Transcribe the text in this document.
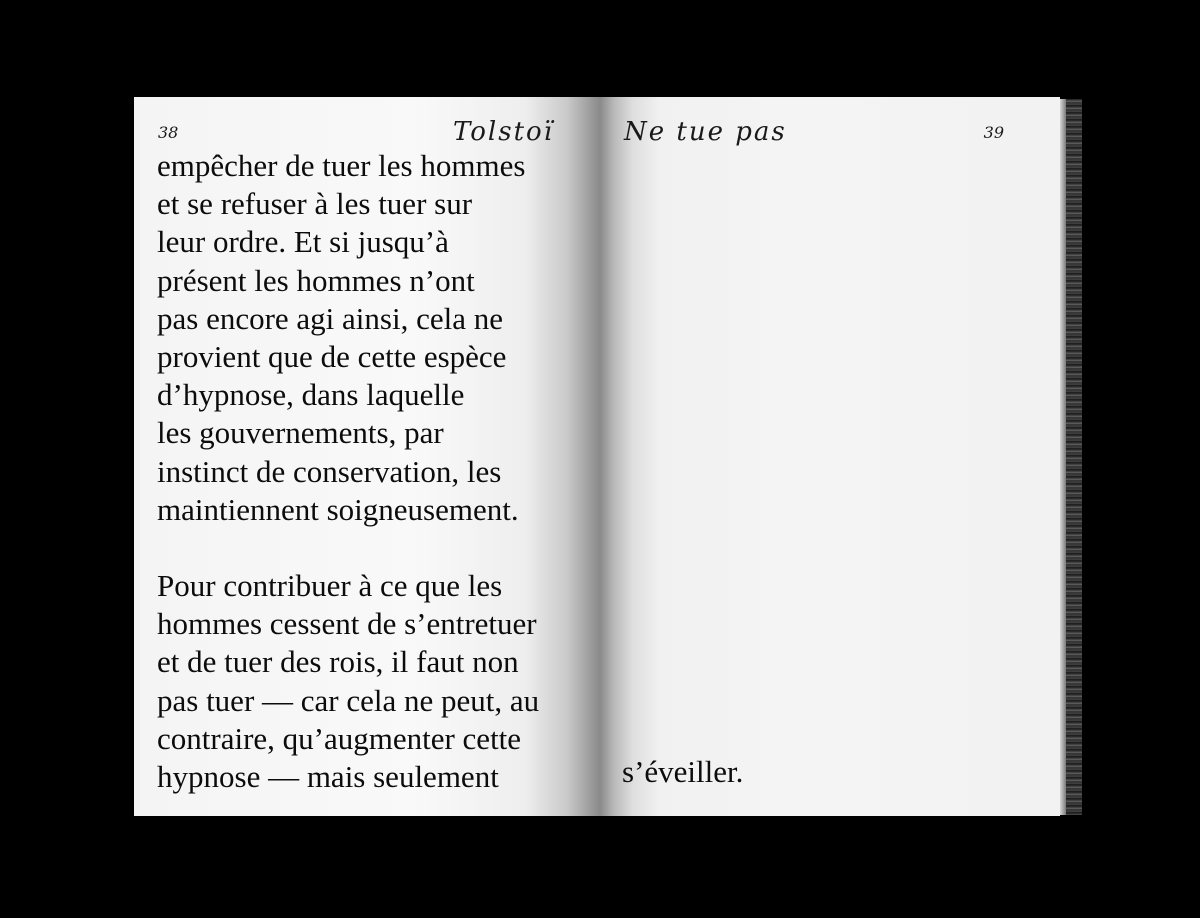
38	Tolstoï
empêcher de tuer les hommes
et se refuser à les tuer sur
leur ordre. Et si jusqu’à
présent les hommes n’ont
pas encore agi ainsi, cela ne
provient que de cette espèce
d’hypnose, dans laquelle
les gouvernements, par
instinct de conservation, les
maintiennent soigneusement.
Pour contribuer à ce que les
hommes cessent de s’entretuer
et de tuer des rois, il faut non
pas tuer — car cela ne peut, au
contraire, qu’augmenter cette
hypnose — mais seulement
Ne tue pas	39
s’éveiller.
